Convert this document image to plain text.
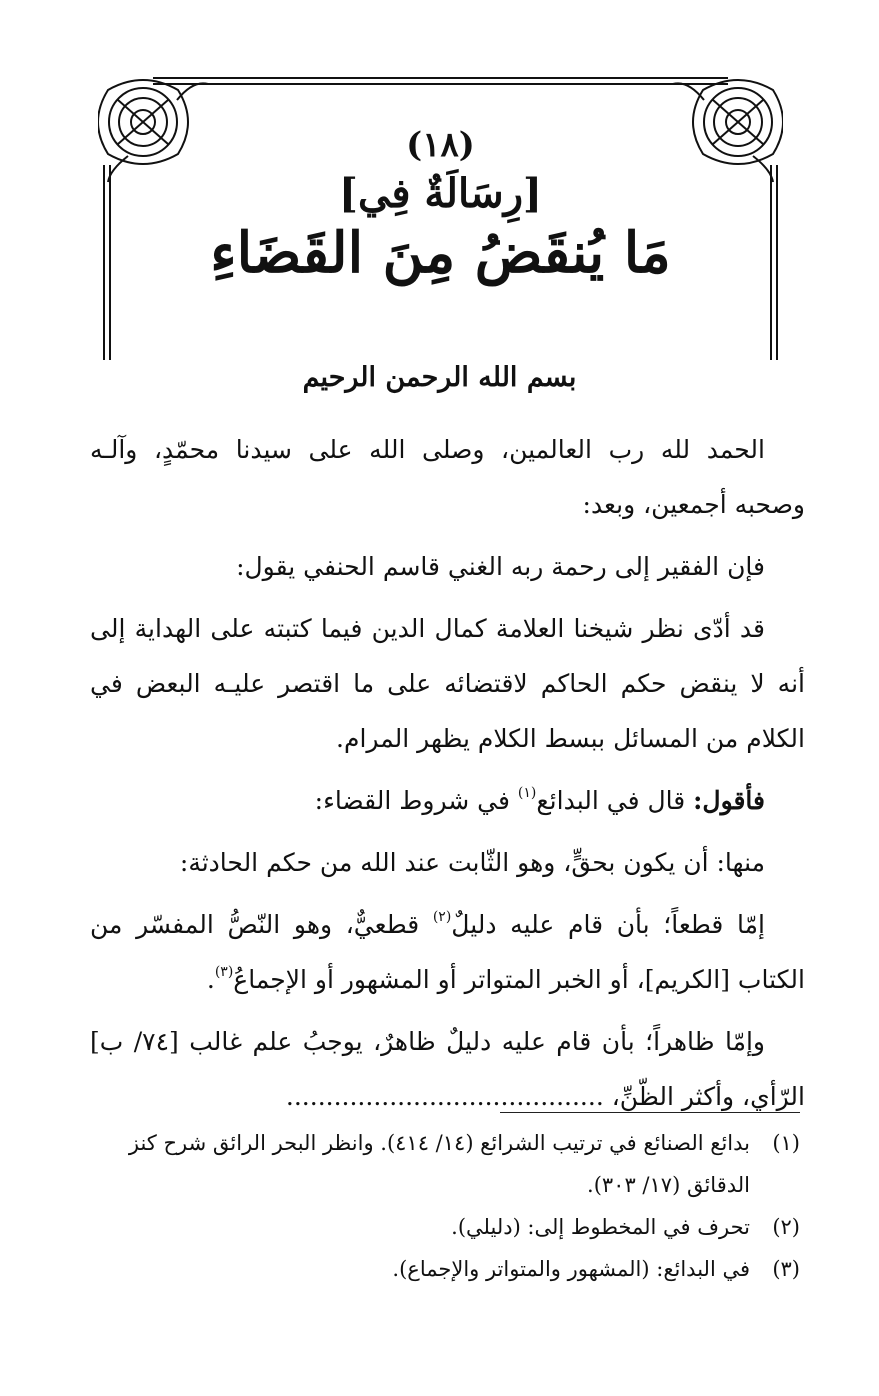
(١٨)
[رِسَالَةٌ فِي]
مَا يُنقَضُ مِنَ القَضَاءِ
بسم الله الرحمن الرحيم

الحمد لله رب العالمين، وصلى الله على سيدنا محمّدٍ، وآلـه وصحبه أجمعين، وبعد:

فإن الفقير إلى رحمة ربه الغني قاسم الحنفي يقول:

قد أدّى نظر شيخنا العلامة كمال الدين فيما كتبته على الهداية إلى أنه لا ينقض حكم الحاكم لاقتضائه على ما اقتصر عليـه البعض في الكلام من المسائل ببسط الكلام يظهر المرام.

فأقول: قال في البدائع$^{(١)}$ في شروط القضاء:

منها: أن يكون بحقٍّ، وهو الثّابت عند الله من حكم الحادثة:

إمّا قطعاً؛ بأن قام عليه دليلٌ$^{(٢)}$ قطعيٌّ، وهو النّصُّ المفسّر من الكتاب [الكريم]، أو الخبر المتواتر أو المشهور أو الإجماعُ$^{(٣)}$.

وإمّا ظاهراً؛ بأن قام عليه دليلٌ ظاهرٌ، يوجبُ علم غالب [٧٤/ ب] الرّأي، وأكثر الظّنِّ، ........................................

(١)
بدائع الصنائع في ترتيب الشرائع (١٤/ ٤١٤). وانظر البحر الرائق شرح كنز الدقائق (١٧/ ٣٠٣).
(٢)
تحرف في المخطوط إلى: (دليلي).
(٣)
في البدائع: (المشهور والمتواتر والإجماع).
